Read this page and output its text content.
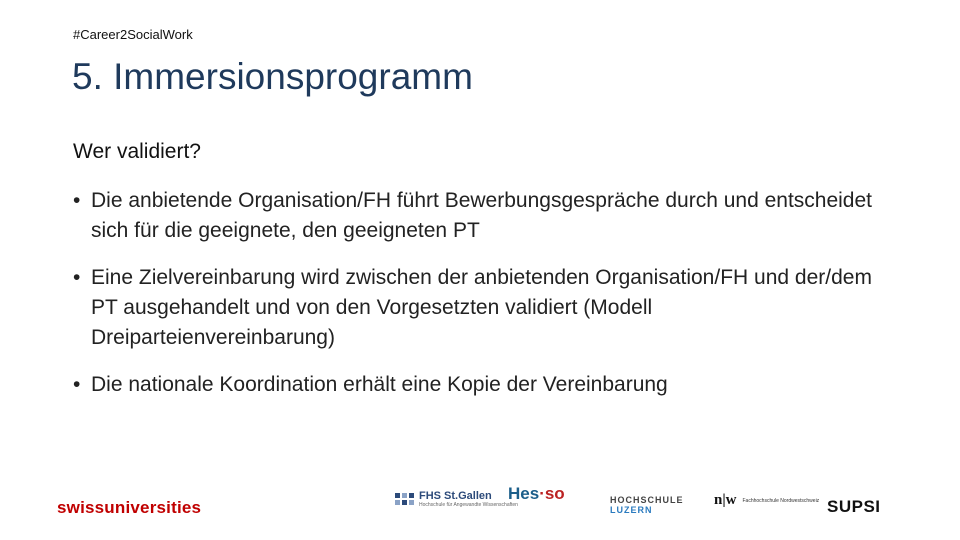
#Career2SocialWork
5. Immersionsprogramm
Wer validiert?
• Die anbietende Organisation/FH führt Bewerbungsgespräche durch und entscheidet sich für die geeignete, den geeigneten PT
• Eine Zielvereinbarung wird zwischen der anbietenden Organisation/FH und der/dem PT ausgehandelt und von den Vorgesetzten validiert (Modell Dreiparteienvereinbarung)
• Die nationale Koordination erhält eine Kopie der Vereinbarung
swissuniversities
FHS St.Gallen
Hochschule für Angewandte Wissenschaften
Hes·so

	HOCHSCHULE
LUZERN
n|w Fachhochschule Nordwestschweiz
SUPSI
